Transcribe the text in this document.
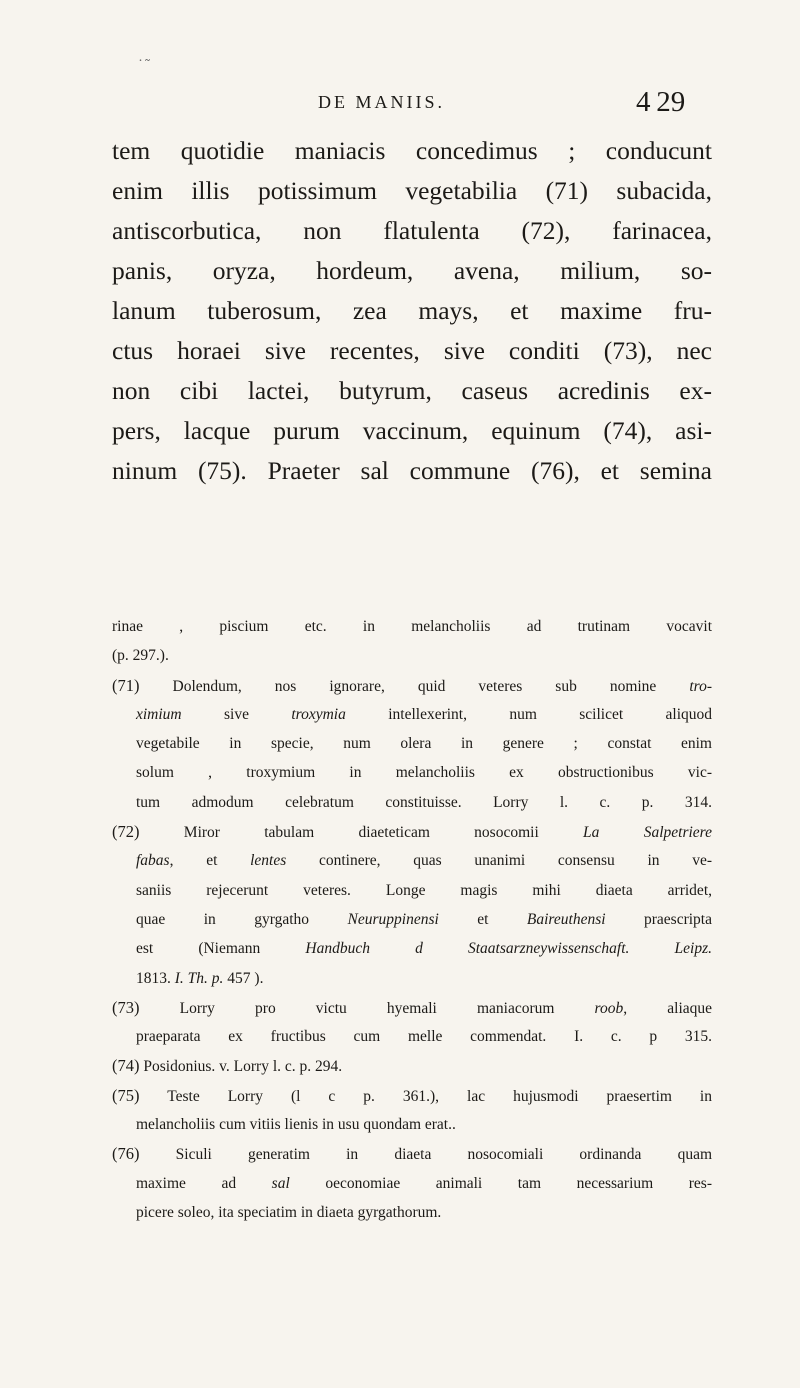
˙˜
DE MANIIS.	4 29
tem quotidie maniacis concedimus ; conducunt
enim illis potissimum vegetabilia (71) subacida,
antiscorbutica, non flatulenta (72), farinacea,
panis, oryza, hordeum, avena, milium, so-
lanum tuberosum, zea mays, et maxime fru-
ctus horaei sive recentes, sive conditi (73), nec
non cibi lactei, butyrum, caseus acredinis ex-
pers, lacque purum vaccinum, equinum (74), asi-
ninum (75). Praeter sal commune (76), et semina
rinae , piscium etc. in melancholiis ad trutinam vocavit
(p. 297.).
(71) Dolendum, nos ignorare, quid veteres sub nomine tro-
ximium sive troxymia intellexerint, num scilicet aliquod
vegetabile in specie, num olera in genere ; constat enim
solum , troxymium in melancholiis ex obstructionibus vic-
tum admodum celebratum constituisse. Lorry l. c. p. 314.
(72)	Miror tabulam diaeteticam nosocomii La Salpetriere
fabas, et lentes continere, quas unanimi consensu in ve-
saniis rejecerunt veteres. Longe magis mihi diaeta arridet,
quae in gyrgatho Neuruppinensi et Baireuthensi praescripta
est (Niemann Handbuch d Staatsarzneywissenschaft. Leipz.
1813. I. Th. p. 457 ).
(73)	Lorry pro victu hyemali maniacorum roob, aliaque
praeparata ex fructibus cum melle commendat. I. c. p 315.
(74) Posidonius. v. Lorry l. c. p. 294.
(75) Teste Lorry (l c p. 361.), lac hujusmodi praesertim in
melancholiis cum vitiis lienis in usu quondam erat..
(76) Siculi generatim in diaeta nosocomiali ordinanda quam
maxime ad sal oeconomiae animali tam necessarium res-
picere soleo, ita speciatim in diaeta gyrgathorum.
